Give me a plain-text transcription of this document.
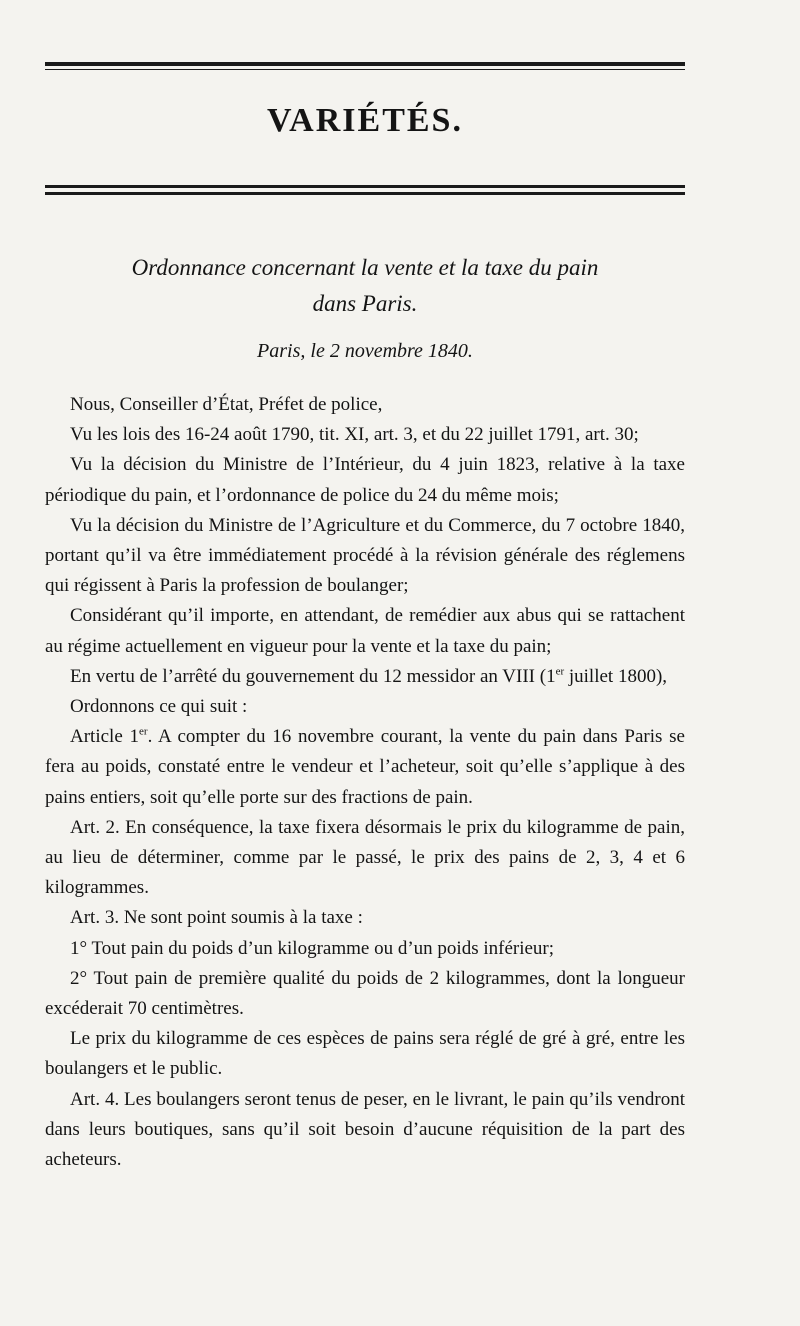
VARIÉTÉS.
Ordonnance concernant la vente et la taxe du pain
dans Paris.
Paris, le 2 novembre 1840.

Nous, Conseiller d’État, Préfet de police,

Vu les lois des 16-24 août 1790, tit. XI, art. 3, et du 22 juillet 1791, art. 30;

Vu la décision du Ministre de l’Intérieur, du 4 juin 1823, relative à la taxe périodique du pain, et l’ordonnance de police du 24 du même mois;

Vu la décision du Ministre de l’Agriculture et du Commerce, du 7 octobre 1840, portant qu’il va être immédiatement procédé à la révision générale des réglemens qui régissent à Paris la profession de boulanger;

Considérant qu’il importe, en attendant, de remédier aux abus qui se rattachent au régime actuellement en vigueur pour la vente et la taxe du pain;

En vertu de l’arrêté du gouvernement du 12 messidor an VIII (1er juillet 1800),

Ordonnons ce qui suit :

Article 1er. A compter du 16 novembre courant, la vente du pain dans Paris se fera au poids, constaté entre le vendeur et l’acheteur, soit qu’elle s’applique à des pains entiers, soit qu’elle porte sur des fractions de pain.

Art. 2. En conséquence, la taxe fixera désormais le prix du kilogramme de pain, au lieu de déterminer, comme par le passé, le prix des pains de 2, 3, 4 et 6 kilogrammes.

Art. 3. Ne sont point soumis à la taxe :

1° Tout pain du poids d’un kilogramme ou d’un poids inférieur;

2° Tout pain de première qualité du poids de 2 kilogrammes, dont la longueur excéderait 70 centimètres.

Le prix du kilogramme de ces espèces de pains sera réglé de gré à gré, entre les boulangers et le public.

Art. 4. Les boulangers seront tenus de peser, en le livrant, le pain qu’ils vendront dans leurs boutiques, sans qu’il soit besoin d’aucune réquisition de la part des acheteurs.
